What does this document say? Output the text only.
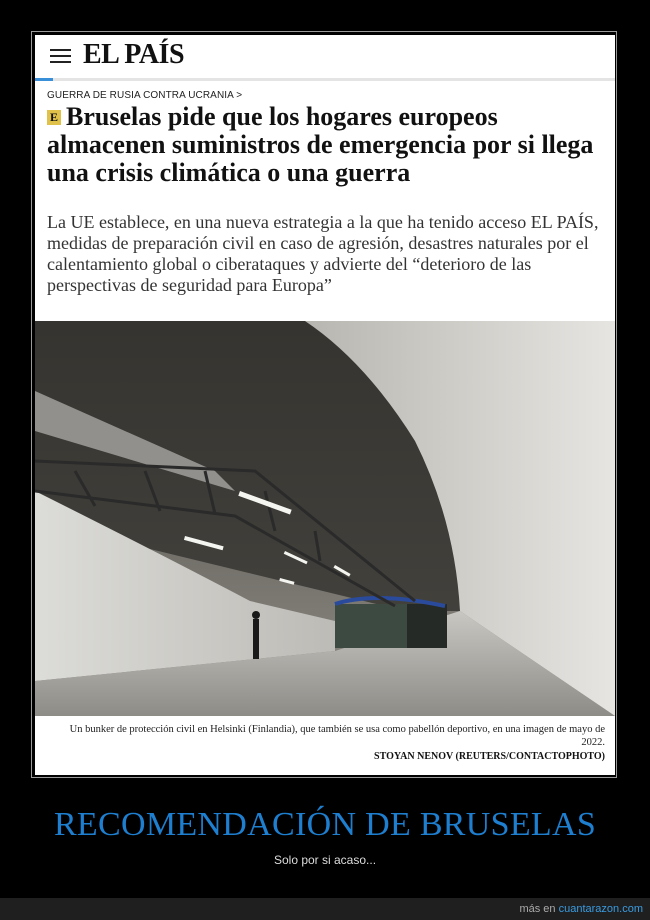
EL PAÍS
GUERRA DE RUSIA CONTRA UCRANIA >
E Bruselas pide que los hogares europeos almacenen suministros de emergencia por si llega una crisis climática o una guerra
La UE establece, en una nueva estrategia a la que ha tenido acceso EL PAÍS, medidas de preparación civil en caso de agresión, desastres naturales por el calentamiento global o ciberataques y advierte del “deterioro de las perspectivas de seguridad para Europa”
Un bunker de protección civil en Helsinki (Finlandia), que también se usa como pabellón deportivo, en una imagen de mayo de 2022.
STOYAN NENOV (REUTERS/CONTACTOPHOTO)
RECOMENDACIÓN DE BRUSELAS
Solo por si acaso...
más en cuantarazon.com
